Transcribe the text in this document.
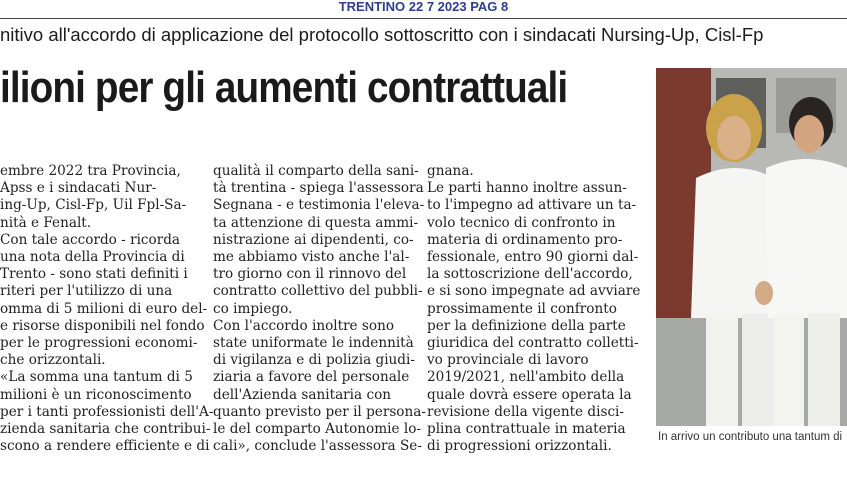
TRENTINO 22 7 2023 PAG 8
nitivo all'accordo di applicazione del protocollo sottoscritto con i sindacati Nursing-Up, Cisl-Fp
ilioni per gli aumenti contrattuali

embre 2022 tra Provincia,

Apss e i sindacati Nur-

ing-Up, Cisl-Fp, Uil Fpl-Sa-

nità e Fenalt.

Con tale accordo - ricorda

una nota della Provincia di

Trento - sono stati definiti i

riteri per l'utilizzo di una

omma di 5 milioni di euro del-

e risorse disponibili nel fondo

per le progressioni economi-

che orizzontali.

«La somma una tantum di 5

milioni è un riconoscimento

per i tanti professionisti dell'A-

zienda sanitaria che contribui-

scono a rendere efficiente e di

qualità il comparto della sani-

tà trentina - spiega l'assessora

Segnana - e testimonia l'eleva-

ta attenzione di questa ammi-

nistrazione ai dipendenti, co-

me abbiamo visto anche l'al-

tro giorno con il rinnovo del

contratto collettivo del pubbli-

co impiego.

Con l'accordo inoltre sono

state uniformate le indennità

di vigilanza e di polizia giudi-

ziaria a favore del personale

dell'Azienda sanitaria con

quanto previsto per il persona-

le del comparto Autonomie lo-

cali», conclude l'assessora Se-

gnana.

Le parti hanno inoltre assun-

to l'impegno ad attivare un ta-

volo tecnico di confronto in

materia di ordinamento pro-

fessionale, entro 90 giorni dal-

la sottoscrizione dell'accordo,

e si sono impegnate ad avviare

prossimamente il confronto

per la definizione della parte

giuridica del contratto colletti-

vo provinciale di lavoro

2019/2021, nell'ambito della

quale dovrà essere operata la

revisione della vigente disci-

plina contrattuale in materia

di progressioni orizzontali.

In arrivo un contributo una tantum di
